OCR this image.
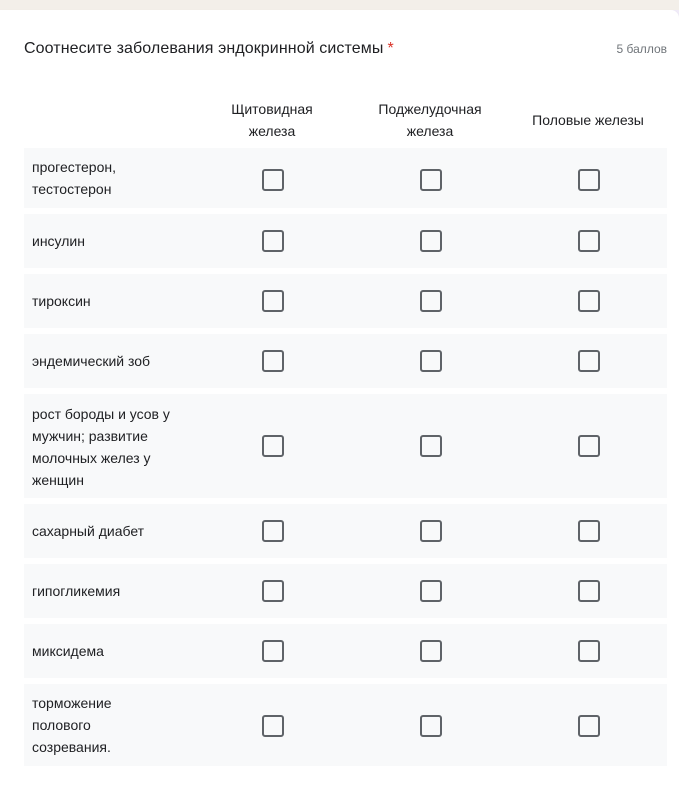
Соотнесите заболевания эндокринной системы *	5 баллов
Щитовидная
железа
Поджелудочная
железа
Половые железы
прогестерон, тестостерон
инсулин
тироксин
эндемический зоб
рост бороды и усов у мужчин; развитие молочных желез у женщин
сахарный диабет
гипогликемия
миксидема
торможение полового созревания.
